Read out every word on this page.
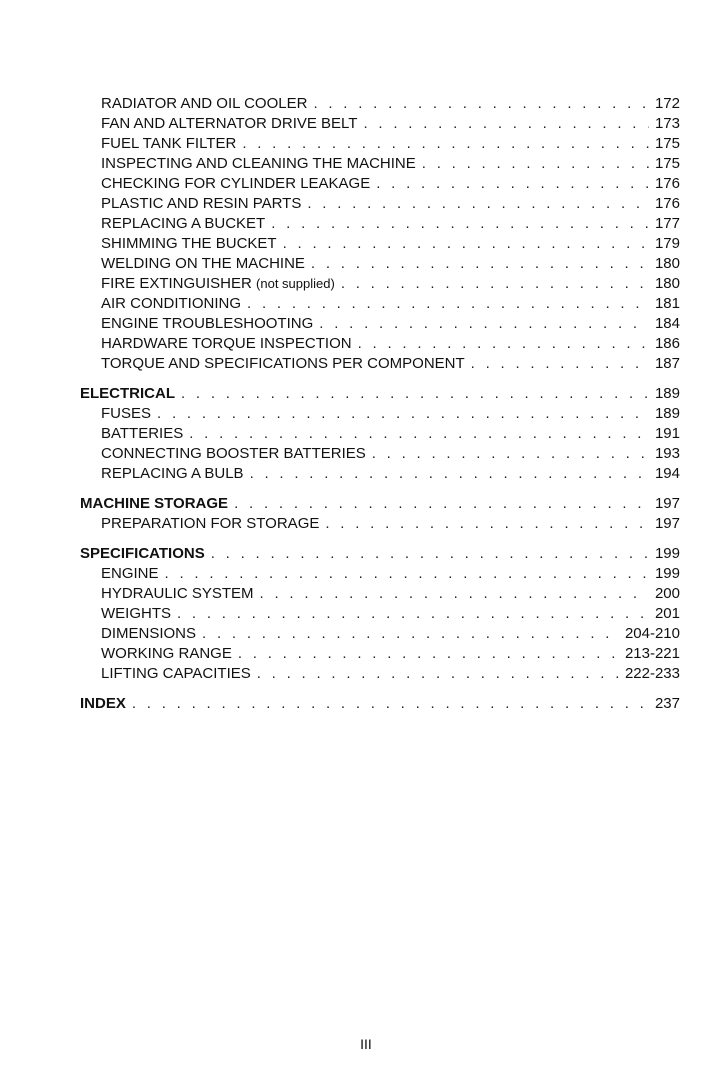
RADIATOR AND OIL COOLER . . .	172
FAN AND ALTERNATOR DRIVE BELT . . .	173
FUEL TANK FILTER . . .	175
INSPECTING AND CLEANING THE MACHINE . . .	175
CHECKING FOR CYLINDER LEAKAGE . . .	176
PLASTIC AND RESIN PARTS . . .	176
REPLACING A BUCKET . . .	177
SHIMMING THE BUCKET . . .	179
WELDING ON THE MACHINE . . .	180
FIRE EXTINGUISHER (not supplied) . . .	180
AIR CONDITIONING . . .	181
ENGINE TROUBLESHOOTING . . .	184
HARDWARE TORQUE INSPECTION . . .	186
TORQUE AND SPECIFICATIONS PER COMPONENT . . .	187
ELECTRICAL . . .	189
FUSES . . .	189
BATTERIES . . .	191
CONNECTING BOOSTER BATTERIES . . .	193
REPLACING A BULB . . .	194
MACHINE STORAGE . . .	197
PREPARATION FOR STORAGE . . .	197
SPECIFICATIONS . . .	199
ENGINE . . .	199
HYDRAULIC SYSTEM . . .	200
WEIGHTS . . .	201
DIMENSIONS . . .	204-210
WORKING RANGE . . .	213-221
LIFTING CAPACITIES . . .	222-233
INDEX . . .	237
III
